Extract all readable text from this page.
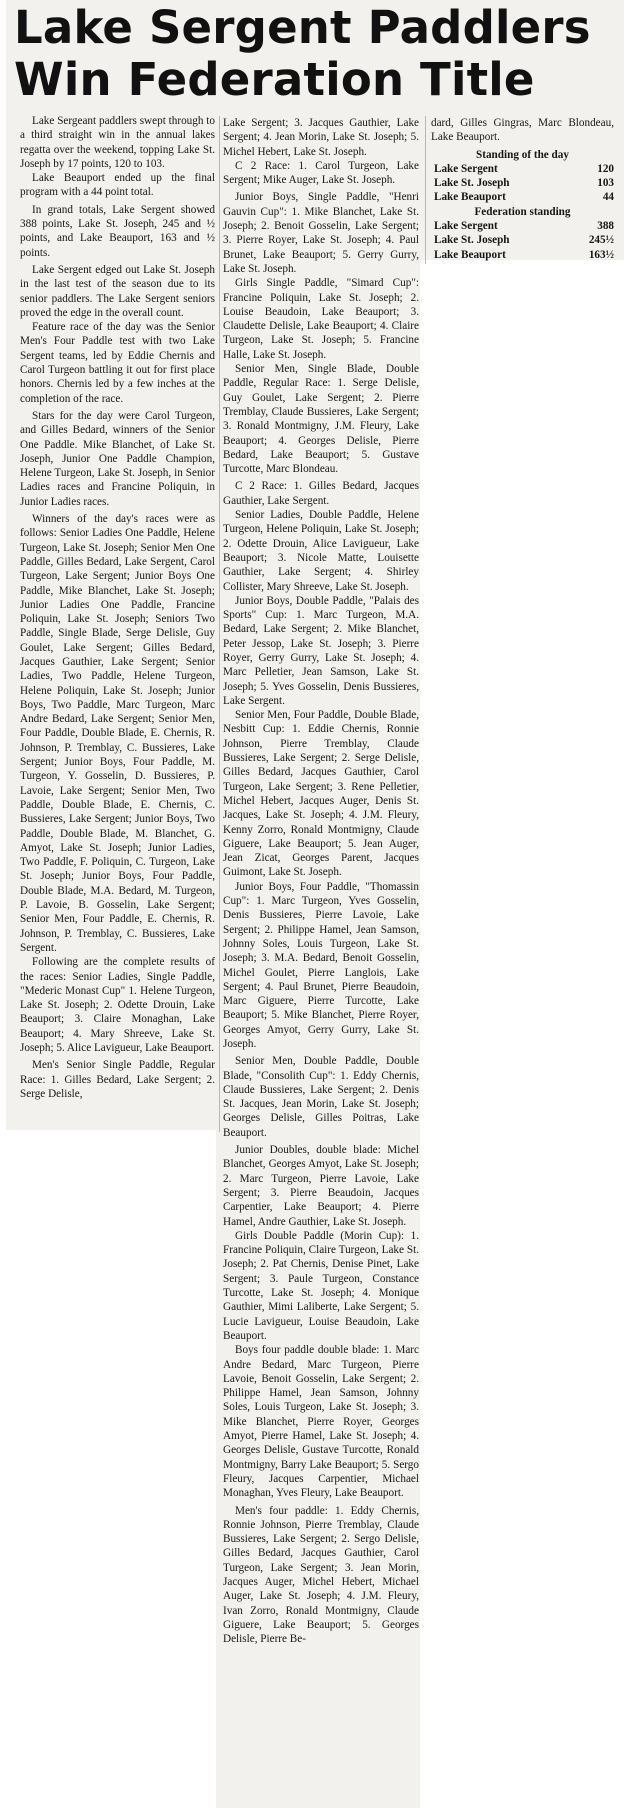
Lake Sergent Paddlers
Win Federation Title

Lake Sergeant paddlers swept through to a third straight win in the annual lakes regatta over the weekend, topping Lake St. Joseph by 17 points, 120 to 103.

Lake Beauport ended up the final program with a 44 point total.

In grand totals, Lake Sergent showed 388 points, Lake St. Joseph, 245 and ½ points, and Lake Beauport, 163 and ½ points.

Lake Sergent edged out Lake St. Joseph in the last test of the season due to its senior paddlers. The Lake Sergent seniors proved the edge in the overall count.

Feature race of the day was the Senior Men's Four Paddle test with two Lake Sergent teams, led by Eddie Chernis and Carol Turgeon battling it out for first place honors. Chernis led by a few inches at the completion of the race.

Stars for the day were Carol Turgeon, and Gilles Bedard, winners of the Senior One Paddle. Mike Blanchet, of Lake St. Joseph, Junior One Paddle Champion, Helene Turgeon, Lake St. Joseph, in Senior Ladies races and Francine Poliquin, in Junior Ladies races.

Winners of the day's races were as follows: Senior Ladies One Paddle, Helene Turgeon, Lake St. Joseph; Senior Men One Paddle, Gilles Bedard, Lake Sergent, Carol Turgeon, Lake Sergent; Junior Boys One Paddle, Mike Blanchet, Lake St. Joseph; Junior Ladies One Paddle, Francine Poliquin, Lake St. Joseph; Seniors Two Paddle, Single Blade, Serge Delisle, Guy Goulet, Lake Sergent; Gilles Bedard, Jacques Gauthier, Lake Sergent; Senior Ladies, Two Paddle, Helene Turgeon, Helene Poliquin, Lake St. Joseph; Junior Boys, Two Paddle, Marc Turgeon, Marc Andre Bedard, Lake Sergent; Senior Men, Four Paddle, Double Blade, E. Chernis, R. Johnson, P. Tremblay, C. Bussieres, Lake Sergent; Junior Boys, Four Paddle, M. Turgeon, Y. Gosselin, D. Bussieres, P. Lavoie, Lake Sergent; Senior Men, Two Paddle, Double Blade, E. Chernis, C. Bussieres, Lake Sergent; Junior Boys, Two Paddle, Double Blade, M. Blanchet, G. Amyot, Lake St. Joseph; Junior Ladies, Two Paddle, F. Poliquin, C. Turgeon, Lake St. Joseph; Junior Boys, Four Paddle, Double Blade, M.A. Bedard, M. Turgeon, P. Lavoie, B. Gosselin, Lake Sergent; Senior Men, Four Paddle, E. Chernis, R. Johnson, P. Tremblay, C. Bussieres, Lake Sergent.

Following are the complete results of the races: Senior Ladies, Single Paddle, "Mederic Monast Cup" 1. Helene Turgeon, Lake St. Joseph; 2. Odette Drouin, Lake Beauport; 3. Claire Monaghan, Lake Beauport; 4. Mary Shreeve, Lake St. Joseph; 5. Alice Lavigueur, Lake Beauport.

Men's Senior Single Paddle, Regular Race: 1. Gilles Bedard, Lake Sergent; 2. Serge Delisle,

Lake Sergent; 3. Jacques Gauthier, Lake Sergent; 4. Jean Morin, Lake St. Joseph; 5. Michel Hebert, Lake St. Joseph.

C 2 Race: 1. Carol Turgeon, Lake Sergent; Mike Auger, Lake St. Joseph.

Junior Boys, Single Paddle, "Henri Gauvin Cup": 1. Mike Blanchet, Lake St. Joseph; 2. Benoit Gosselin, Lake Sergent; 3. Pierre Royer, Lake St. Joseph; 4. Paul Brunet, Lake Beauport; 5. Gerry Gurry, Lake St. Joseph.

Girls Single Paddle, "Simard Cup": Francine Poliquin, Lake St. Joseph; 2. Louise Beaudoin, Lake Beauport; 3. Claudette Delisle, Lake Beauport; 4. Claire Turgeon, Lake St. Joseph; 5. Francine Halle, Lake St. Joseph.

Senior Men, Single Blade, Double Paddle, Regular Race: 1. Serge Delisle, Guy Goulet, Lake Sergent; 2. Pierre Tremblay, Claude Bussieres, Lake Sergent; 3. Ronald Montmigny, J.M. Fleury, Lake Beauport; 4. Georges Delisle, Pierre Bedard, Lake Beauport; 5. Gustave Turcotte, Marc Blondeau.

C 2 Race: 1. Gilles Bedard, Jacques Gauthier, Lake Sergent.

Senior Ladies, Double Paddle, Helene Turgeon, Helene Poliquin, Lake St. Joseph; 2. Odette Drouin, Alice Lavigueur, Lake Beauport; 3. Nicole Matte, Louisette Gauthier, Lake Sergent; 4. Shirley Collister, Mary Shreeve, Lake St. Joseph.

Junior Boys, Double Paddle, "Palais des Sports" Cup: 1. Marc Turgeon, M.A. Bedard, Lake Sergent; 2. Mike Blanchet, Peter Jessop, Lake St. Joseph; 3. Pierre Royer, Gerry Gurry, Lake St. Joseph; 4. Marc Pelletier, Jean Samson, Lake St. Joseph; 5. Yves Gosselin, Denis Bussieres, Lake Sergent.

Senior Men, Four Paddle, Double Blade, Nesbitt Cup: 1. Eddie Chernis, Ronnie Johnson, Pierre Tremblay, Claude Bussieres, Lake Sergent; 2. Serge Delisle, Gilles Bedard, Jacques Gauthier, Carol Turgeon, Lake Sergent; 3. Rene Pelletier, Michel Hebert, Jacques Auger, Denis St. Jacques, Lake St. Joseph; 4. J.M. Fleury, Kenny Zorro, Ronald Montmigny, Claude Giguere, Lake Beauport; 5. Jean Auger, Jean Zicat, Georges Parent, Jacques Guimont, Lake St. Joseph.

Junior Boys, Four Paddle, "Thomassin Cup": 1. Marc Turgeon, Yves Gosselin, Denis Bussieres, Pierre Lavoie, Lake Sergent; 2. Philippe Hamel, Jean Samson, Johnny Soles, Louis Turgeon, Lake St. Joseph; 3. M.A. Bedard, Benoit Gosselin, Michel Goulet, Pierre Langlois, Lake Sergent; 4. Paul Brunet, Pierre Beaudoin, Marc Giguere, Pierre Turcotte, Lake Beauport; 5. Mike Blanchet, Pierre Royer, Georges Amyot, Gerry Gurry, Lake St. Joseph.

Senior Men, Double Paddle, Double Blade, "Consolith Cup": 1. Eddy Chernis, Claude Bussieres, Lake Sergent; 2. Denis St. Jacques, Jean Morin, Lake St. Joseph; Georges Delisle, Gilles Poitras, Lake Beauport.

Junior Doubles, double blade: Michel Blanchet, Georges Amyot, Lake St. Joseph; 2. Marc Turgeon, Pierre Lavoie, Lake Sergent; 3. Pierre Beaudoin, Jacques Carpentier, Lake Beauport; 4. Pierre Hamel, Andre Gauthier, Lake St. Joseph.

Girls Double Paddle (Morin Cup): 1. Francine Poliquin, Claire Turgeon, Lake St. Joseph; 2. Pat Chernis, Denise Pinet, Lake Sergent; 3. Paule Turgeon, Constance Turcotte, Lake St. Joseph; 4. Monique Gauthier, Mimi Laliberte, Lake Sergent; 5. Lucie Lavigueur, Louise Beaudoin, Lake Beauport.

Boys four paddle double blade: 1. Marc Andre Bedard, Marc Turgeon, Pierre Lavoie, Benoit Gosselin, Lake Sergent; 2. Philippe Hamel, Jean Samson, Johnny Soles, Louis Turgeon, Lake St. Joseph; 3. Mike Blanchet, Pierre Royer, Georges Amyot, Pierre Hamel, Lake St. Joseph; 4. Georges Delisle, Gustave Turcotte, Ronald Montmigny, Barry Lake Beauport; 5. Sergo Fleury, Jacques Carpentier, Michael Monaghan, Yves Fleury, Lake Beauport.

Men's four paddle: 1. Eddy Chernis, Ronnie Johnson, Pierre Tremblay, Claude Bussieres, Lake Sergent; 2. Sergo Delisle, Gilles Bedard, Jacques Gauthier, Carol Turgeon, Lake Sergent; 3. Jean Morin, Jacques Auger, Michel Hebert, Michael Auger, Lake St. Joseph; 4. J.M. Fleury, Ivan Zorro, Ronald Montmigny, Claude Giguere, Lake Beauport; 5. Georges Delisle, Pierre Be-

dard, Gilles Gingras, Marc Blondeau, Lake Beauport.

Standing of the day
Lake Sergent	120
Lake St. Joseph	103
Lake Beauport	44
Federation standing
Lake Sergent	388
Lake St. Joseph	245½
Lake Beauport	163½
